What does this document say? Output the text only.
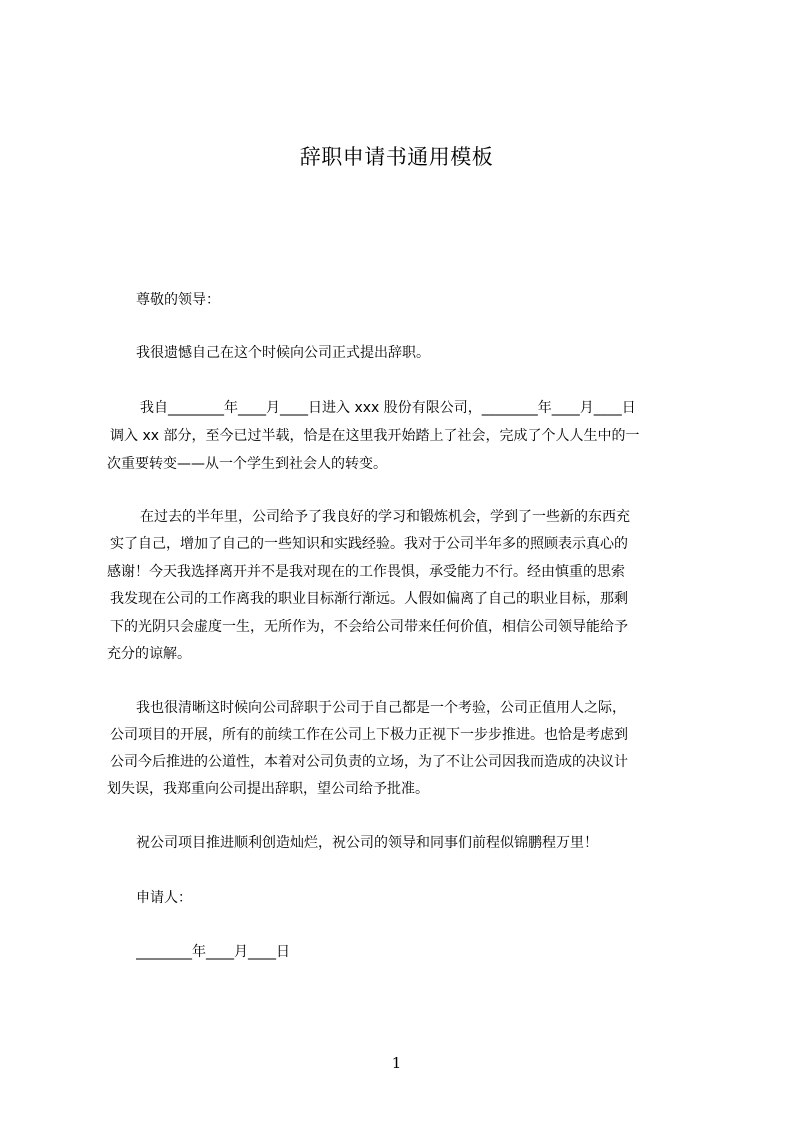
辞职申请书通用模板
尊敬的领导：
我很遗憾自己在这个时候向公司正式提出辞职。
我自________年____月____日进入 xxx 股份有限公司，________年____月____日
调入 xx 部分，至今已过半载，恰是在这里我开始踏上了社会，完成了个人人生中的一
次重要转变——从一个学生到社会人的转变。
在过去的半年里，公司给予了我良好的学习和锻炼机会，学到了一些新的东西充
实了自己，增加了自己的一些知识和实践经验。我对于公司半年多的照顾表示真心的
感谢！今天我选择离开并不是我对现在的工作畏惧，承受能力不行。经由慎重的思索
我发现在公司的工作离我的职业目标渐行渐远。人假如偏离了自己的职业目标，那剩
下的光阴只会虚度一生，无所作为，不会给公司带来任何价值，相信公司领导能给予
充分的谅解。
我也很清晰这时候向公司辞职于公司于自己都是一个考验，公司正值用人之际，
公司项目的开展，所有的前续工作在公司上下极力正视下一步步推进。也恰是考虑到
公司今后推进的公道性，本着对公司负责的立场，为了不让公司因我而造成的决议计
划失误，我郑重向公司提出辞职，望公司给予批准。
祝公司项目推进顺利创造灿烂，祝公司的领导和同事们前程似锦鹏程万里！
申请人：
________年____月____日
1
